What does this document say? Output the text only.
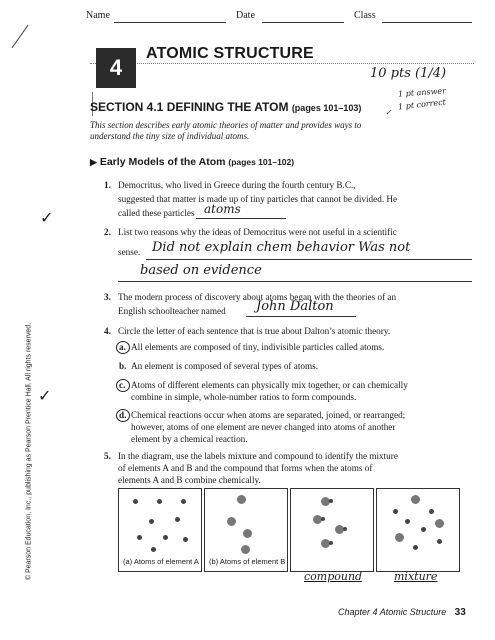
Name	Date	Class
4
ATOMIC STRUCTURE
10 pts (1/4)
1 pt answer
1 pt correct
✓
SECTION 4.1 DEFINING THE ATOM (pages 101–103)
This section describes early atomic theories of matter and provides ways to
understand the tiny size of individual atoms.
▶ Early Models of the Atom (pages 101–102)
1. Democritus, who lived in Greece during the fourth century B.C.,
suggested that matter is made up of tiny particles that cannot be divided. He
called these particles atoms
✓
2. List two reasons why the ideas of Democritus were not useful in a scientific
sense. Did not explain chem behavior Was not
based on evidence
3. The modern process of discovery about atoms began with the theories of an
English schoolteacher named John Dalton
4. Circle the letter of each sentence that is true about Dalton’s atomic theory.
a. All elements are composed of tiny, indivisible particles called atoms.
b. An element is composed of several types of atoms.
c. Atoms of different elements can physically mix together, or can chemically
combine in simple, whole-number ratios to form compounds.
✓
d. Chemical reactions occur when atoms are separated, joined, or rearranged;
however, atoms of one element are never changed into atoms of another
element by a chemical reaction.
5. In the diagram, use the labels mixture and compound to identify the mixture
of elements A and B and the compound that forms when the atoms of
elements A and B combine chemically.
(a) Atoms of element A (b) Atoms of element B
compound	mixture
© Pearson Education, Inc., publishing as Pearson Prentice Hall. All rights reserved.
Chapter 4 Atomic Structure 33
